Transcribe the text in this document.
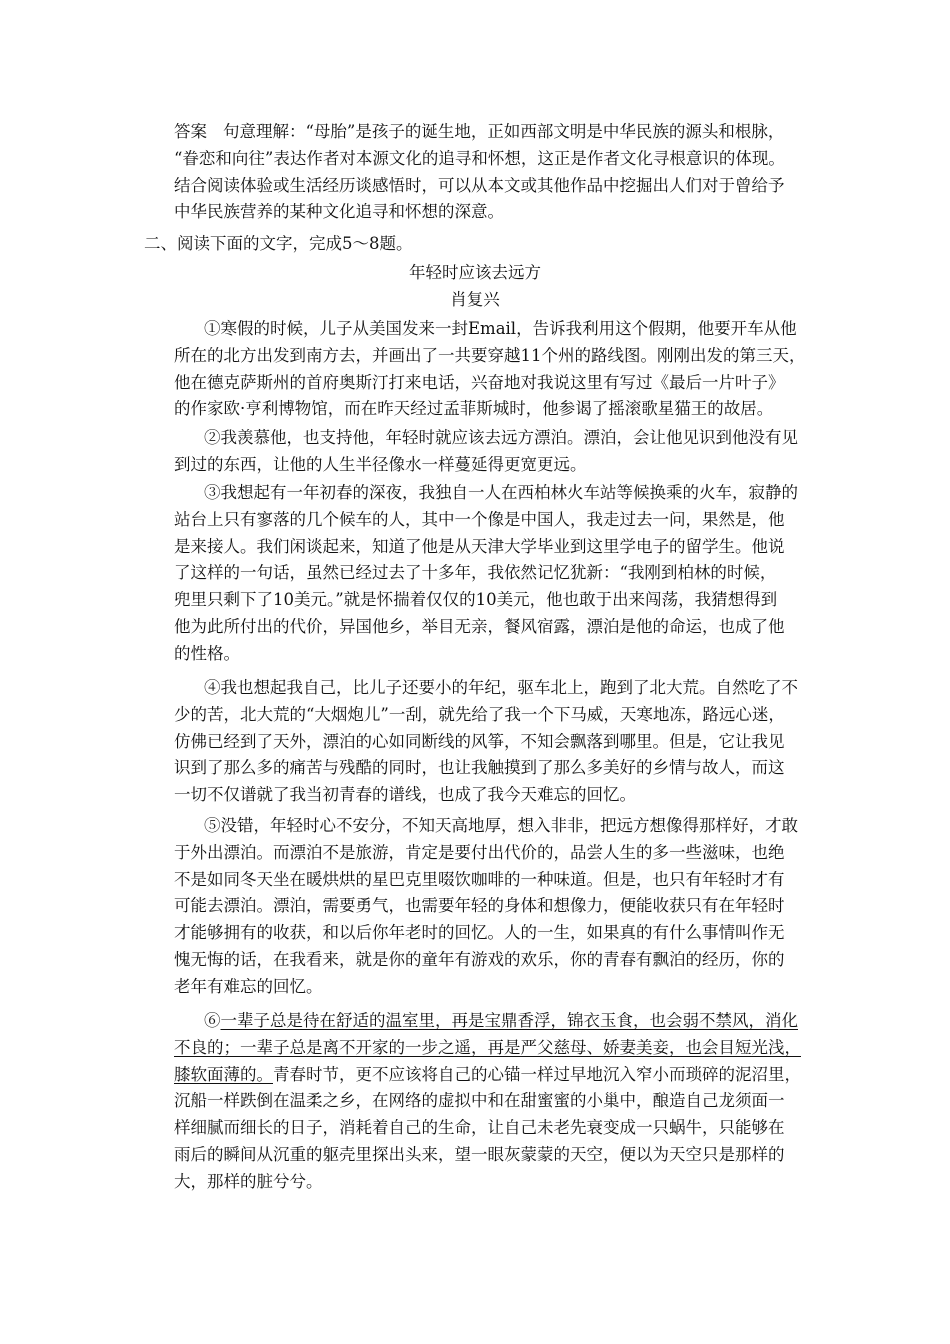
答案 句意理解：“母胎”是孩子的诞生地，正如西部文明是中华民族的源头和根脉，
“眷恋和向往”表达作者对本源文化的追寻和怀想，这正是作者文化寻根意识的体现。
结合阅读体验或生活经历谈感悟时，可以从本文或其他作品中挖掘出人们对于曾给予
中华民族营养的某种文化追寻和怀想的深意。
二、阅读下面的文字，完成5～8题。
年轻时应该去远方
肖复兴
①寒假的时候，儿子从美国发来一封Email，告诉我利用这个假期，他要开车从他
所在的北方出发到南方去，并画出了一共要穿越11个州的路线图。刚刚出发的第三天，
他在德克萨斯州的首府奥斯汀打来电话，兴奋地对我说这里有写过《最后一片叶子》
的作家欧·亨利博物馆，而在昨天经过孟菲斯城时，他参谒了摇滚歌星猫王的故居。
②我羡慕他，也支持他，年轻时就应该去远方漂泊。漂泊，会让他见识到他没有见
到过的东西，让他的人生半径像水一样蔓延得更宽更远。
③我想起有一年初春的深夜，我独自一人在西柏林火车站等候换乘的火车，寂静的
站台上只有寥落的几个候车的人，其中一个像是中国人，我走过去一问，果然是，他
是来接人。我们闲谈起来，知道了他是从天津大学毕业到这里学电子的留学生。他说
了这样的一句话，虽然已经过去了十多年，我依然记忆犹新：“我刚到柏林的时候，
兜里只剩下了10美元。”就是怀揣着仅仅的10美元，他也敢于出来闯荡，我猜想得到
他为此所付出的代价，异国他乡，举目无亲，餐风宿露，漂泊是他的命运，也成了他
的性格。
④我也想起我自己，比儿子还要小的年纪，驱车北上，跑到了北大荒。自然吃了不
少的苦，北大荒的“大烟炮儿”一刮，就先给了我一个下马威，天寒地冻，路远心迷，
仿佛已经到了天外，漂泊的心如同断线的风筝，不知会飘落到哪里。但是，它让我见
识到了那么多的痛苦与残酷的同时，也让我触摸到了那么多美好的乡情与故人，而这
一切不仅谱就了我当初青春的谱线，也成了我今天难忘的回忆。
⑤没错，年轻时心不安分，不知天高地厚，想入非非，把远方想像得那样好，才敢
于外出漂泊。而漂泊不是旅游，肯定是要付出代价的，品尝人生的多一些滋味，也绝
不是如同冬天坐在暖烘烘的星巴克里啜饮咖啡的一种味道。但是，也只有年轻时才有
可能去漂泊。漂泊，需要勇气，也需要年轻的身体和想像力，便能收获只有在年轻时
才能够拥有的收获，和以后你年老时的回忆。人的一生，如果真的有什么事情叫作无
愧无悔的话，在我看来，就是你的童年有游戏的欢乐，你的青春有飘泊的经历，你的
老年有难忘的回忆。
⑥一辈子总是待在舒适的温室里，再是宝鼎香浮，锦衣玉食，也会弱不禁风，消化
不良的；一辈子总是离不开家的一步之遥，再是严父慈母、娇妻美妾，也会目短光浅，
膝软面薄的。青春时节，更不应该将自己的心锚一样过早地沉入窄小而琐碎的泥沼里，
沉船一样跌倒在温柔之乡，在网络的虚拟中和在甜蜜蜜的小巢中，酿造自己龙须面一
样细腻而细长的日子，消耗着自己的生命，让自己未老先衰变成一只蜗牛，只能够在
雨后的瞬间从沉重的躯壳里探出头来，望一眼灰蒙蒙的天空，便以为天空只是那样的
大，那样的脏兮兮。
